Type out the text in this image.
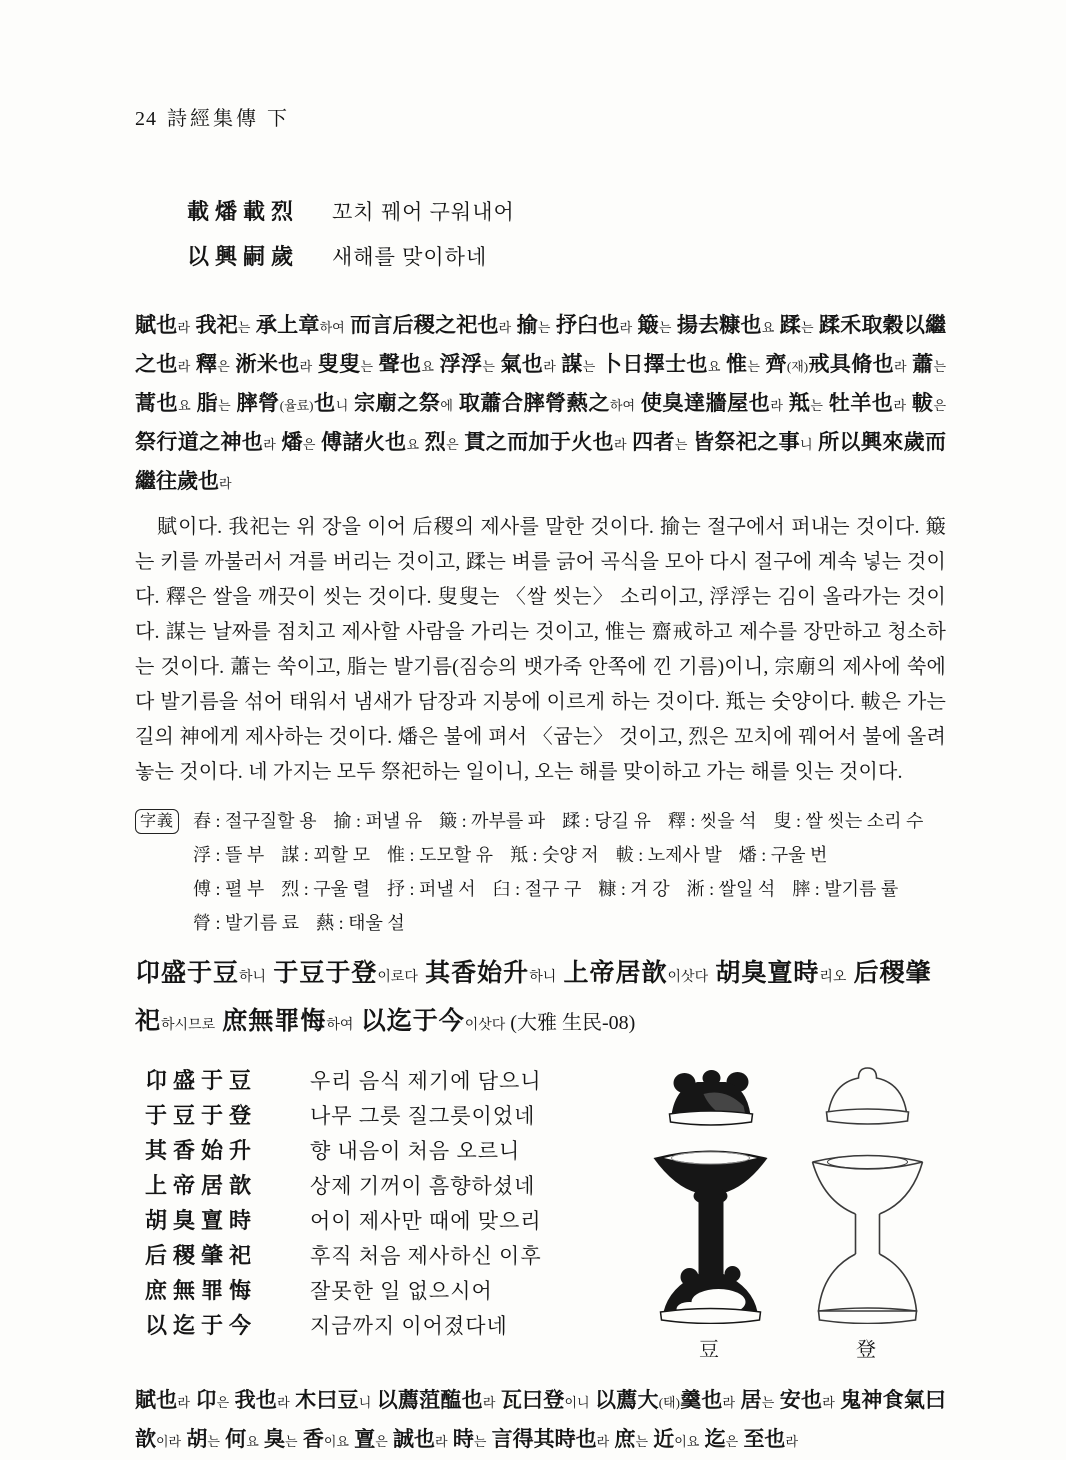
24 詩經集傳 下
載燔載烈	꼬치 꿰어 구워내어
以興嗣歲	새해를 맞이하네

賦也라 我祀는 承上章하여 而言后稷之祀也라 揄는 抒臼也라 簸는 揚去糠也요 蹂는 蹂禾取穀以繼之也라 釋은 淅米也라 叟叟는 聲也요 浮浮는 氣也라 謀는 卜日擇士也요 惟는 齊(재)戒具脩也라 蕭는 蒿也요 脂는 膟膋(율료)也니 宗廟之祭에 取蕭合膟膋爇之하여 使臭達牆屋也라 羝는 牡羊也라 軷은 祭行道之神也라 燔은 傅諸火也요 烈은 貫之而加于火也라 四者는 皆祭祀之事니 所以興來歲而繼往歲也라

賦이다. 我祀는 위 장을 이어 后稷의 제사를 말한 것이다. 揄는 절구에서 퍼내는 것이다. 簸는 키를 까불러서 겨를 버리는 것이고, 蹂는 벼를 긁어 곡식을 모아 다시 절구에 계속 넣는 것이다. 釋은 쌀을 깨끗이 씻는 것이다. 叟叟는 〈쌀 씻는〉 소리이고, 浮浮는 김이 올라가는 것이다. 謀는 날짜를 점치고 제사할 사람을 가리는 것이고, 惟는 齋戒하고 제수를 장만하고 청소하는 것이다. 蕭는 쑥이고, 脂는 발기름(짐승의 뱃가죽 안쪽에 낀 기름)이니, 宗廟의 제사에 쑥에다 발기름을 섞어 태워서 냄새가 담장과 지붕에 이르게 하는 것이다. 羝는 숫양이다. 軷은 가는 길의 神에게 제사하는 것이다. 燔은 불에 펴서 〈굽는〉 것이고, 烈은 꼬치에 꿰어서 불에 올려놓는 것이다. 네 가지는 모두 祭祀하는 일이니, 오는 해를 맞이하고 가는 해를 잇는 것이다.

字義 舂 : 절구질할 용 揄 : 퍼낼 유 簸 : 까부를 파 蹂 : 당길 유 釋 : 씻을 석 叟 : 쌀 씻는 소리 수
浮 : 뜰 부 謀 : 꾀할 모 惟 : 도모할 유 羝 : 숫양 저 軷 : 노제사 발 燔 : 구울 번
傅 : 펼 부 烈 : 구울 렬 抒 : 퍼낼 서 臼 : 절구 구 糠 : 겨 강 淅 : 쌀일 석 膟 : 발기름 률
膋 : 발기름 료 爇 : 태울 설

卬盛于豆하니 于豆于登이로다 其香始升하니 上帝居歆이삿다 胡臭亶時리오 后稷肇祀하시므로 庶無罪悔하여 以迄于今이삿다 (大雅 生民-08)

卬盛于豆	우리 음식 제기에 담으니
于豆于登	나무 그릇 질그릇이었네
其香始升	향 내음이 처음 오르니
上帝居歆	상제 기꺼이 흠향하셨네
胡臭亶時	어이 제사만 때에 맞으리
后稷肇祀	후직 처음 제사하신 이후
庶無罪悔	잘못한 일 없으시어
以迄于今	지금까지 이어졌다네
豆	登

賦也라 卬은 我也라 木曰豆니 以薦菹醢也라 瓦曰登이니 以薦大(태)羹也라 居는 安也라 鬼神食氣曰歆이라 胡는 何요 臭는 香이요 亶은 誠也라 時는 言得其時也라 庶는 近이요 迄은 至也라
